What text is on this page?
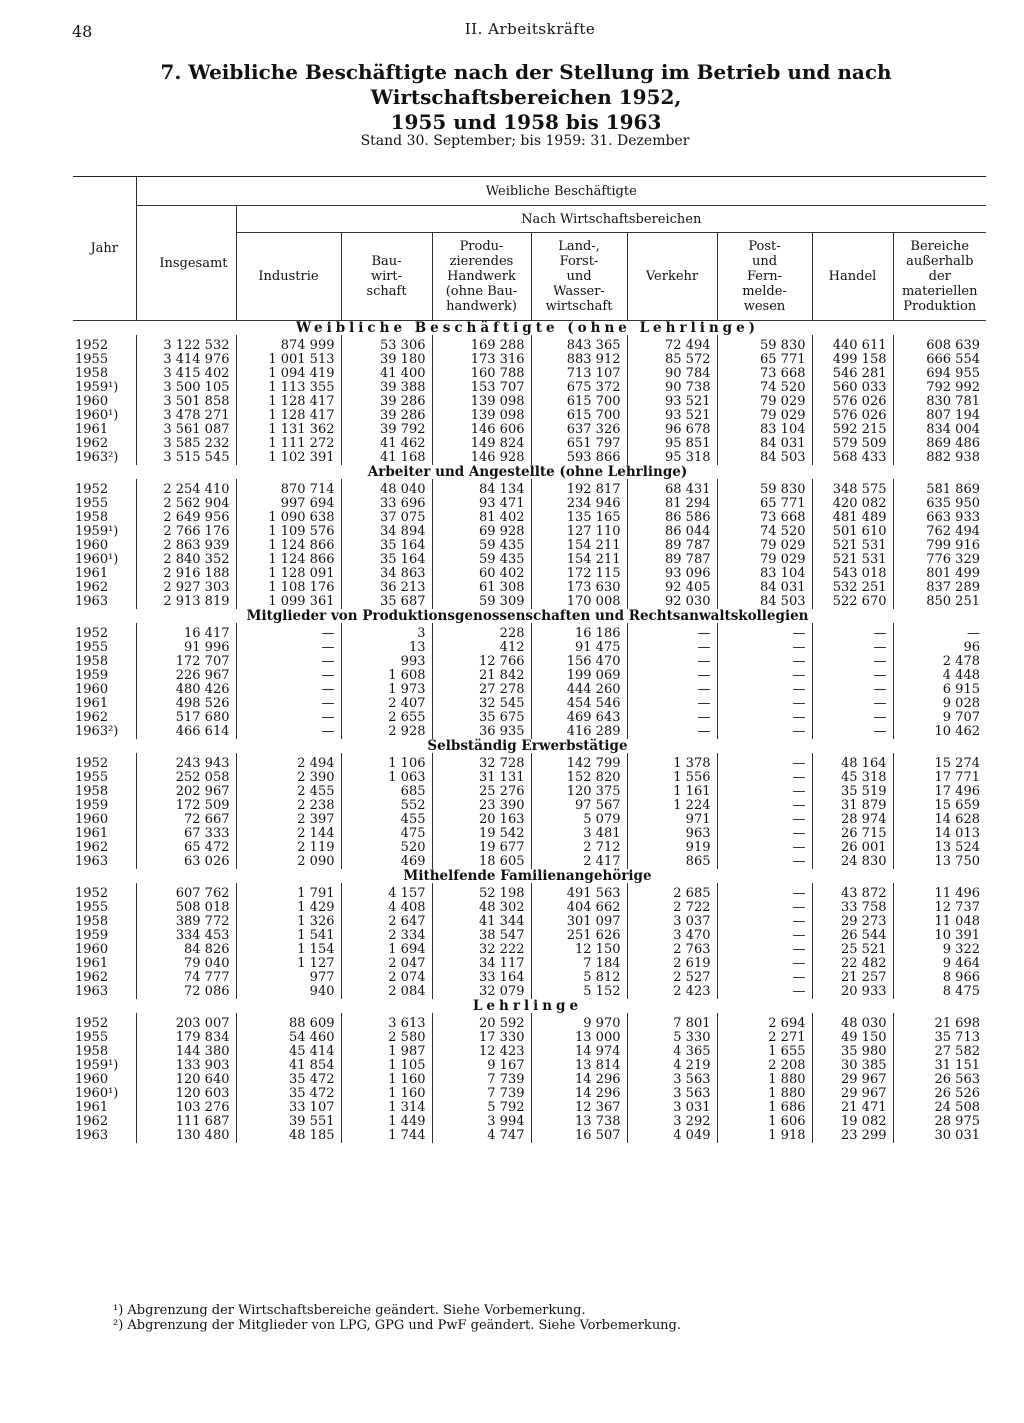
48	II. Arbeitskräfte
7. Weibliche Beschäftigte nach der Stellung im Betrieb und nach Wirtschaftsbereichen 1952,
1955 und 1958 bis 1963
Stand 30. September; bis 1959: 31. Dezember
Jahr	Weibliche Beschäftigte								
	Insgesamt	Nach Wirtschaftsbereichen							
		Industrie	Bau-
wirt-
schaft	Produ-
zierendes
Handwerk
(ohne Bau-
handwerk)	Land-,
Forst-
und
Wasser-
wirtschaft	Verkehr	Post-
und
Fern-
melde-
wesen	Handel	Bereiche
außerhalb
der
materiellen
Produktion
Weibliche Beschäftigte (ohne Lehrlinge)									
1952	3 122 532	874 999	53 306	169 288	843 365	72 494	59 830	440 611	608 639
1955	3 414 976	1 001 513	39 180	173 316	883 912	85 572	65 771	499 158	666 554
1958	3 415 402	1 094 419	41 400	160 788	713 107	90 784	73 668	546 281	694 955
1959¹)	3 500 105	1 113 355	39 388	153 707	675 372	90 738	74 520	560 033	792 992
1960	3 501 858	1 128 417	39 286	139 098	615 700	93 521	79 029	576 026	830 781
1960¹)	3 478 271	1 128 417	39 286	139 098	615 700	93 521	79 029	576 026	807 194
1961	3 561 087	1 131 362	39 792	146 606	637 326	96 678	83 104	592 215	834 004
1962	3 585 232	1 111 272	41 462	149 824	651 797	95 851	84 031	579 509	869 486
1963²)	3 515 545	1 102 391	41 168	146 928	593 866	95 318	84 503	568 433	882 938
Arbeiter und Angestellte (ohne Lehrlinge)									
1952	2 254 410	870 714	48 040	84 134	192 817	68 431	59 830	348 575	581 869
1955	2 562 904	997 694	33 696	93 471	234 946	81 294	65 771	420 082	635 950
1958	2 649 956	1 090 638	37 075	81 402	135 165	86 586	73 668	481 489	663 933
1959¹)	2 766 176	1 109 576	34 894	69 928	127 110	86 044	74 520	501 610	762 494
1960	2 863 939	1 124 866	35 164	59 435	154 211	89 787	79 029	521 531	799 916
1960¹)	2 840 352	1 124 866	35 164	59 435	154 211	89 787	79 029	521 531	776 329
1961	2 916 188	1 128 091	34 863	60 402	172 115	93 096	83 104	543 018	801 499
1962	2 927 303	1 108 176	36 213	61 308	173 630	92 405	84 031	532 251	837 289
1963	2 913 819	1 099 361	35 687	59 309	170 008	92 030	84 503	522 670	850 251
Mitglieder von Produktionsgenossenschaften und Rechtsanwaltskollegien									
1952	16 417	—	3	228	16 186	—	—	—	—
1955	91 996	—	13	412	91 475	—	—	—	96
1958	172 707	—	993	12 766	156 470	—	—	—	2 478
1959	226 967	—	1 608	21 842	199 069	—	—	—	4 448
1960	480 426	—	1 973	27 278	444 260	—	—	—	6 915
1961	498 526	—	2 407	32 545	454 546	—	—	—	9 028
1962	517 680	—	2 655	35 675	469 643	—	—	—	9 707
1963²)	466 614	—	2 928	36 935	416 289	—	—	—	10 462
Selbständig Erwerbstätige									
1952	243 943	2 494	1 106	32 728	142 799	1 378	—	48 164	15 274
1955	252 058	2 390	1 063	31 131	152 820	1 556	—	45 318	17 771
1958	202 967	2 455	685	25 276	120 375	1 161	—	35 519	17 496
1959	172 509	2 238	552	23 390	97 567	1 224	—	31 879	15 659
1960	72 667	2 397	455	20 163	5 079	971	—	28 974	14 628
1961	67 333	2 144	475	19 542	3 481	963	—	26 715	14 013
1962	65 472	2 119	520	19 677	2 712	919	—	26 001	13 524
1963	63 026	2 090	469	18 605	2 417	865	—	24 830	13 750
Mithelfende Familienangehörige									
1952	607 762	1 791	4 157	52 198	491 563	2 685	—	43 872	11 496
1955	508 018	1 429	4 408	48 302	404 662	2 722	—	33 758	12 737
1958	389 772	1 326	2 647	41 344	301 097	3 037	—	29 273	11 048
1959	334 453	1 541	2 334	38 547	251 626	3 470	—	26 544	10 391
1960	84 826	1 154	1 694	32 222	12 150	2 763	—	25 521	9 322
1961	79 040	1 127	2 047	34 117	7 184	2 619	—	22 482	9 464
1962	74 777	977	2 074	33 164	5 812	2 527	—	21 257	8 966
1963	72 086	940	2 084	32 079	5 152	2 423	—	20 933	8 475
Lehrlinge									
1952	203 007	88 609	3 613	20 592	9 970	7 801	2 694	48 030	21 698
1955	179 834	54 460	2 580	17 330	13 000	5 330	2 271	49 150	35 713
1958	144 380	45 414	1 987	12 423	14 974	4 365	1 655	35 980	27 582
1959¹)	133 903	41 854	1 105	9 167	13 814	4 219	2 208	30 385	31 151
1960	120 640	35 472	1 160	7 739	14 296	3 563	1 880	29 967	26 563
1960¹)	120 603	35 472	1 160	7 739	14 296	3 563	1 880	29 967	26 526
1961	103 276	33 107	1 314	5 792	12 367	3 031	1 686	21 471	24 508
1962	111 687	39 551	1 449	3 994	13 738	3 292	1 606	19 082	28 975
1963	130 480	48 185	1 744	4 747	16 507	4 049	1 918	23 299	30 031
¹) Abgrenzung der Wirtschaftsbereiche geändert. Siehe Vorbemerkung.
²) Abgrenzung der Mitglieder von LPG, GPG und PwF geändert. Siehe Vorbemerkung.
